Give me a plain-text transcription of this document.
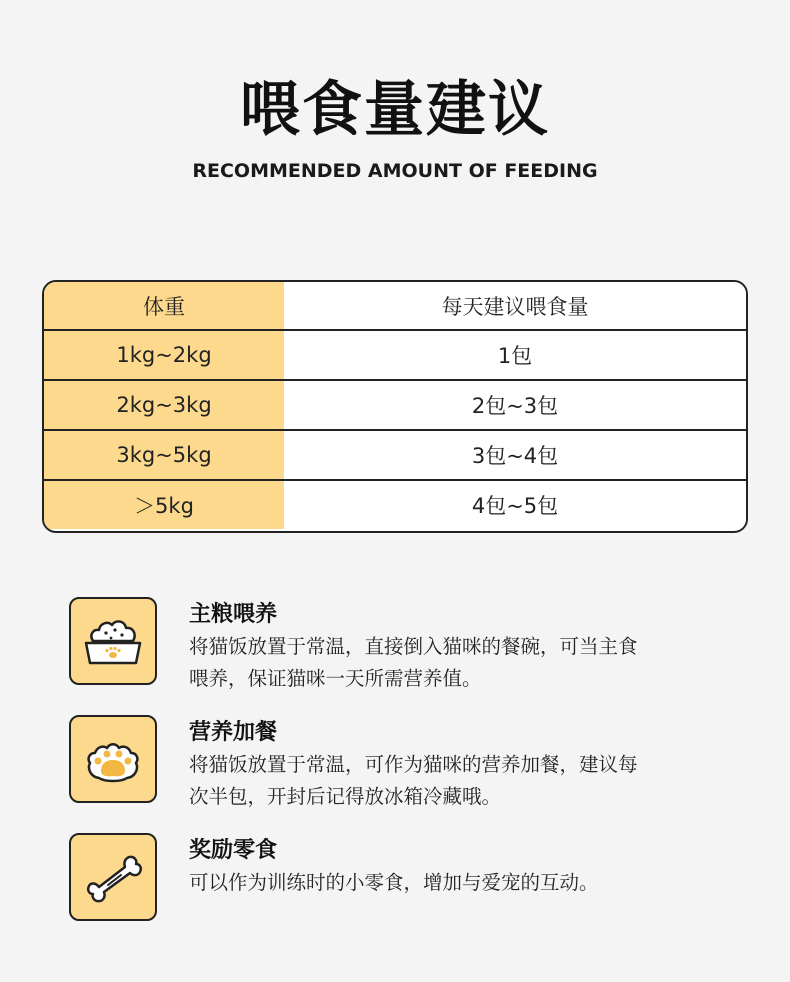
喂食量建议
RECOMMENDED AMOUNT OF FEEDING
体重	每天建议喂食量
1kg~2kg	1包
2kg~3kg	2包~3包
3kg~5kg	3包~4包
＞5kg	4包~5包
主粮喂养
将猫饭放置于常温，直接倒入猫咪的餐碗，可当主食
喂养，保证猫咪一天所需营养值。
营养加餐
将猫饭放置于常温，可作为猫咪的营养加餐，建议每
次半包，开封后记得放冰箱冷藏哦。
奖励零食
可以作为训练时的小零食，增加与爱宠的互动。
